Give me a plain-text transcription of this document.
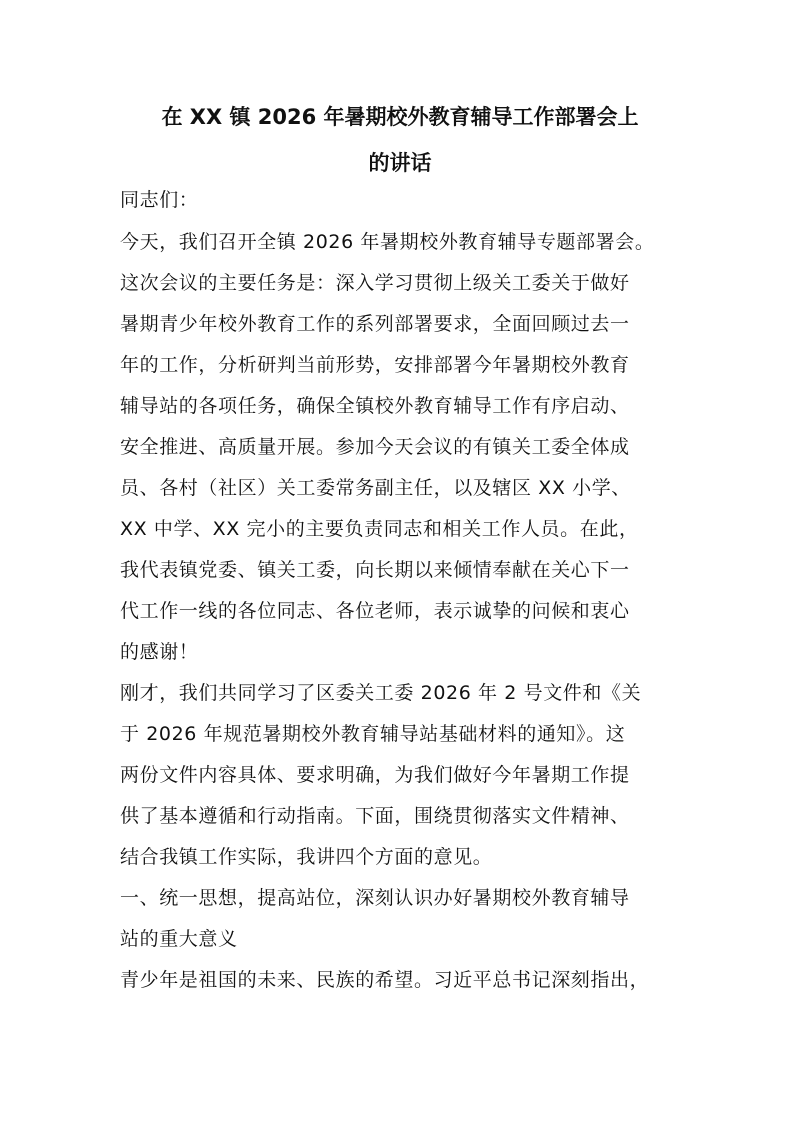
在 XX 镇 2026 年暑期校外教育辅导工作部署会上
的讲话
同志们：
今天，我们召开全镇 2026 年暑期校外教育辅导专题部署会。
这次会议的主要任务是：深入学习贯彻上级关工委关于做好
暑期青少年校外教育工作的系列部署要求，全面回顾过去一
年的工作，分析研判当前形势，安排部署今年暑期校外教育
辅导站的各项任务，确保全镇校外教育辅导工作有序启动、
安全推进、高质量开展。参加今天会议的有镇关工委全体成
员、各村（社区）关工委常务副主任，以及辖区 XX 小学、
XX 中学、XX 完小的主要负责同志和相关工作人员。在此，
我代表镇党委、镇关工委，向长期以来倾情奉献在关心下一
代工作一线的各位同志、各位老师，表示诚挚的问候和衷心
的感谢！
刚才，我们共同学习了区委关工委 2026 年 2 号文件和《关
于 2026 年规范暑期校外教育辅导站基础材料的通知》。这
两份文件内容具体、要求明确，为我们做好今年暑期工作提
供了基本遵循和行动指南。下面，围绕贯彻落实文件精神、
结合我镇工作实际，我讲四个方面的意见。
一、统一思想，提高站位，深刻认识办好暑期校外教育辅导
站的重大意义
青少年是祖国的未来、民族的希望。习近平总书记深刻指出，
